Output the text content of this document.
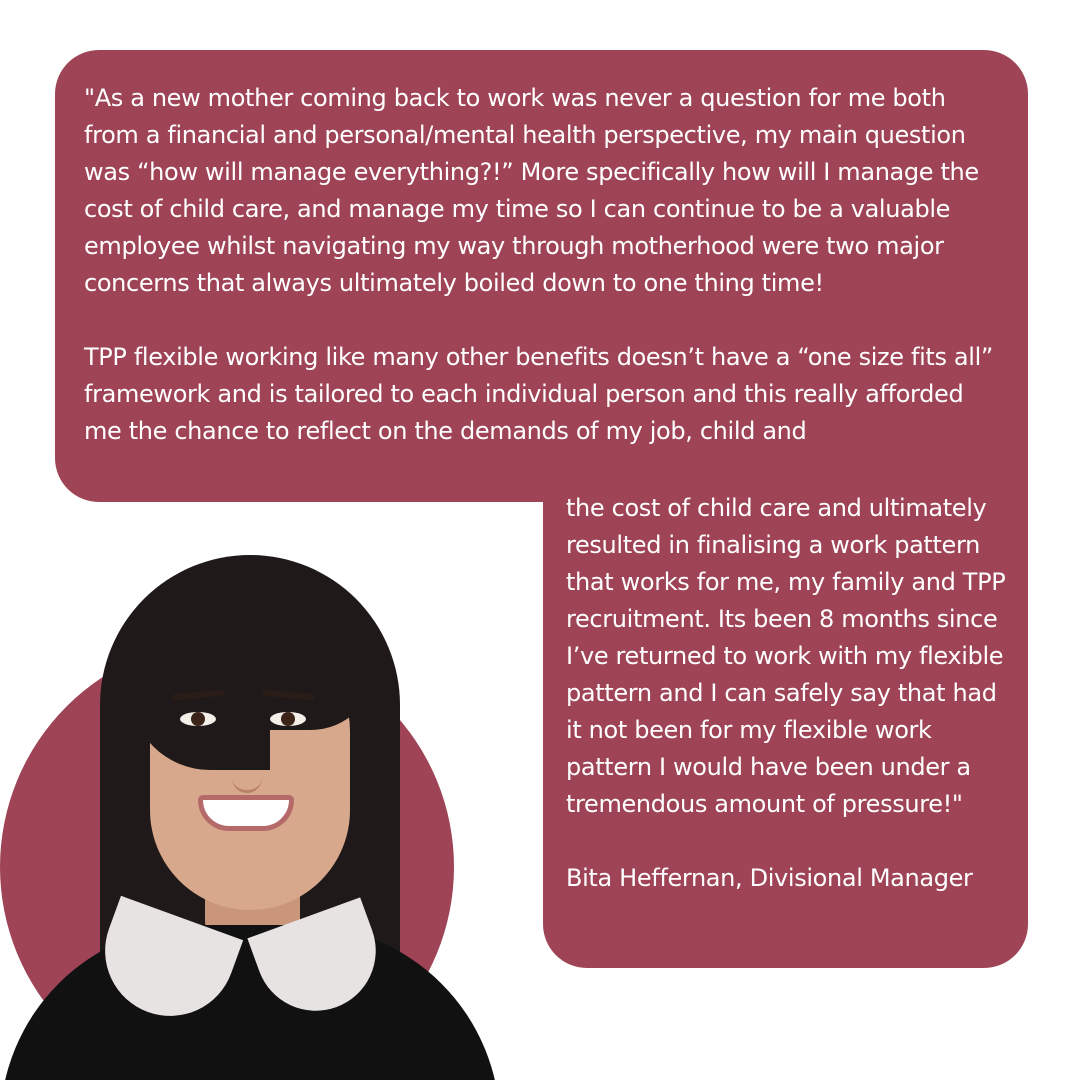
"As a new mother coming back to work was never a question for me both from a financial and personal/mental health perspective, my main question was “how will manage everything?!” More specifically how will I manage the cost of child care, and manage my time so I can continue to be a valuable employee whilst navigating my way through motherhood were two major concerns that always ultimately boiled down to one thing time!

TPP flexible working like many other benefits doesn’t have a “one size fits all” framework and is tailored to each individual person and this really afforded me the chance to reflect on the demands of my job, child and

the cost of child care and ultimately resulted in finalising a work pattern that works for me, my family and TPP recruitment. Its been 8 months since I’ve returned to work with my flexible pattern and I can safely say that had it not been for my flexible work pattern I would have been under a tremendous amount of pressure!"

Bita Heffernan, Divisional Manager
